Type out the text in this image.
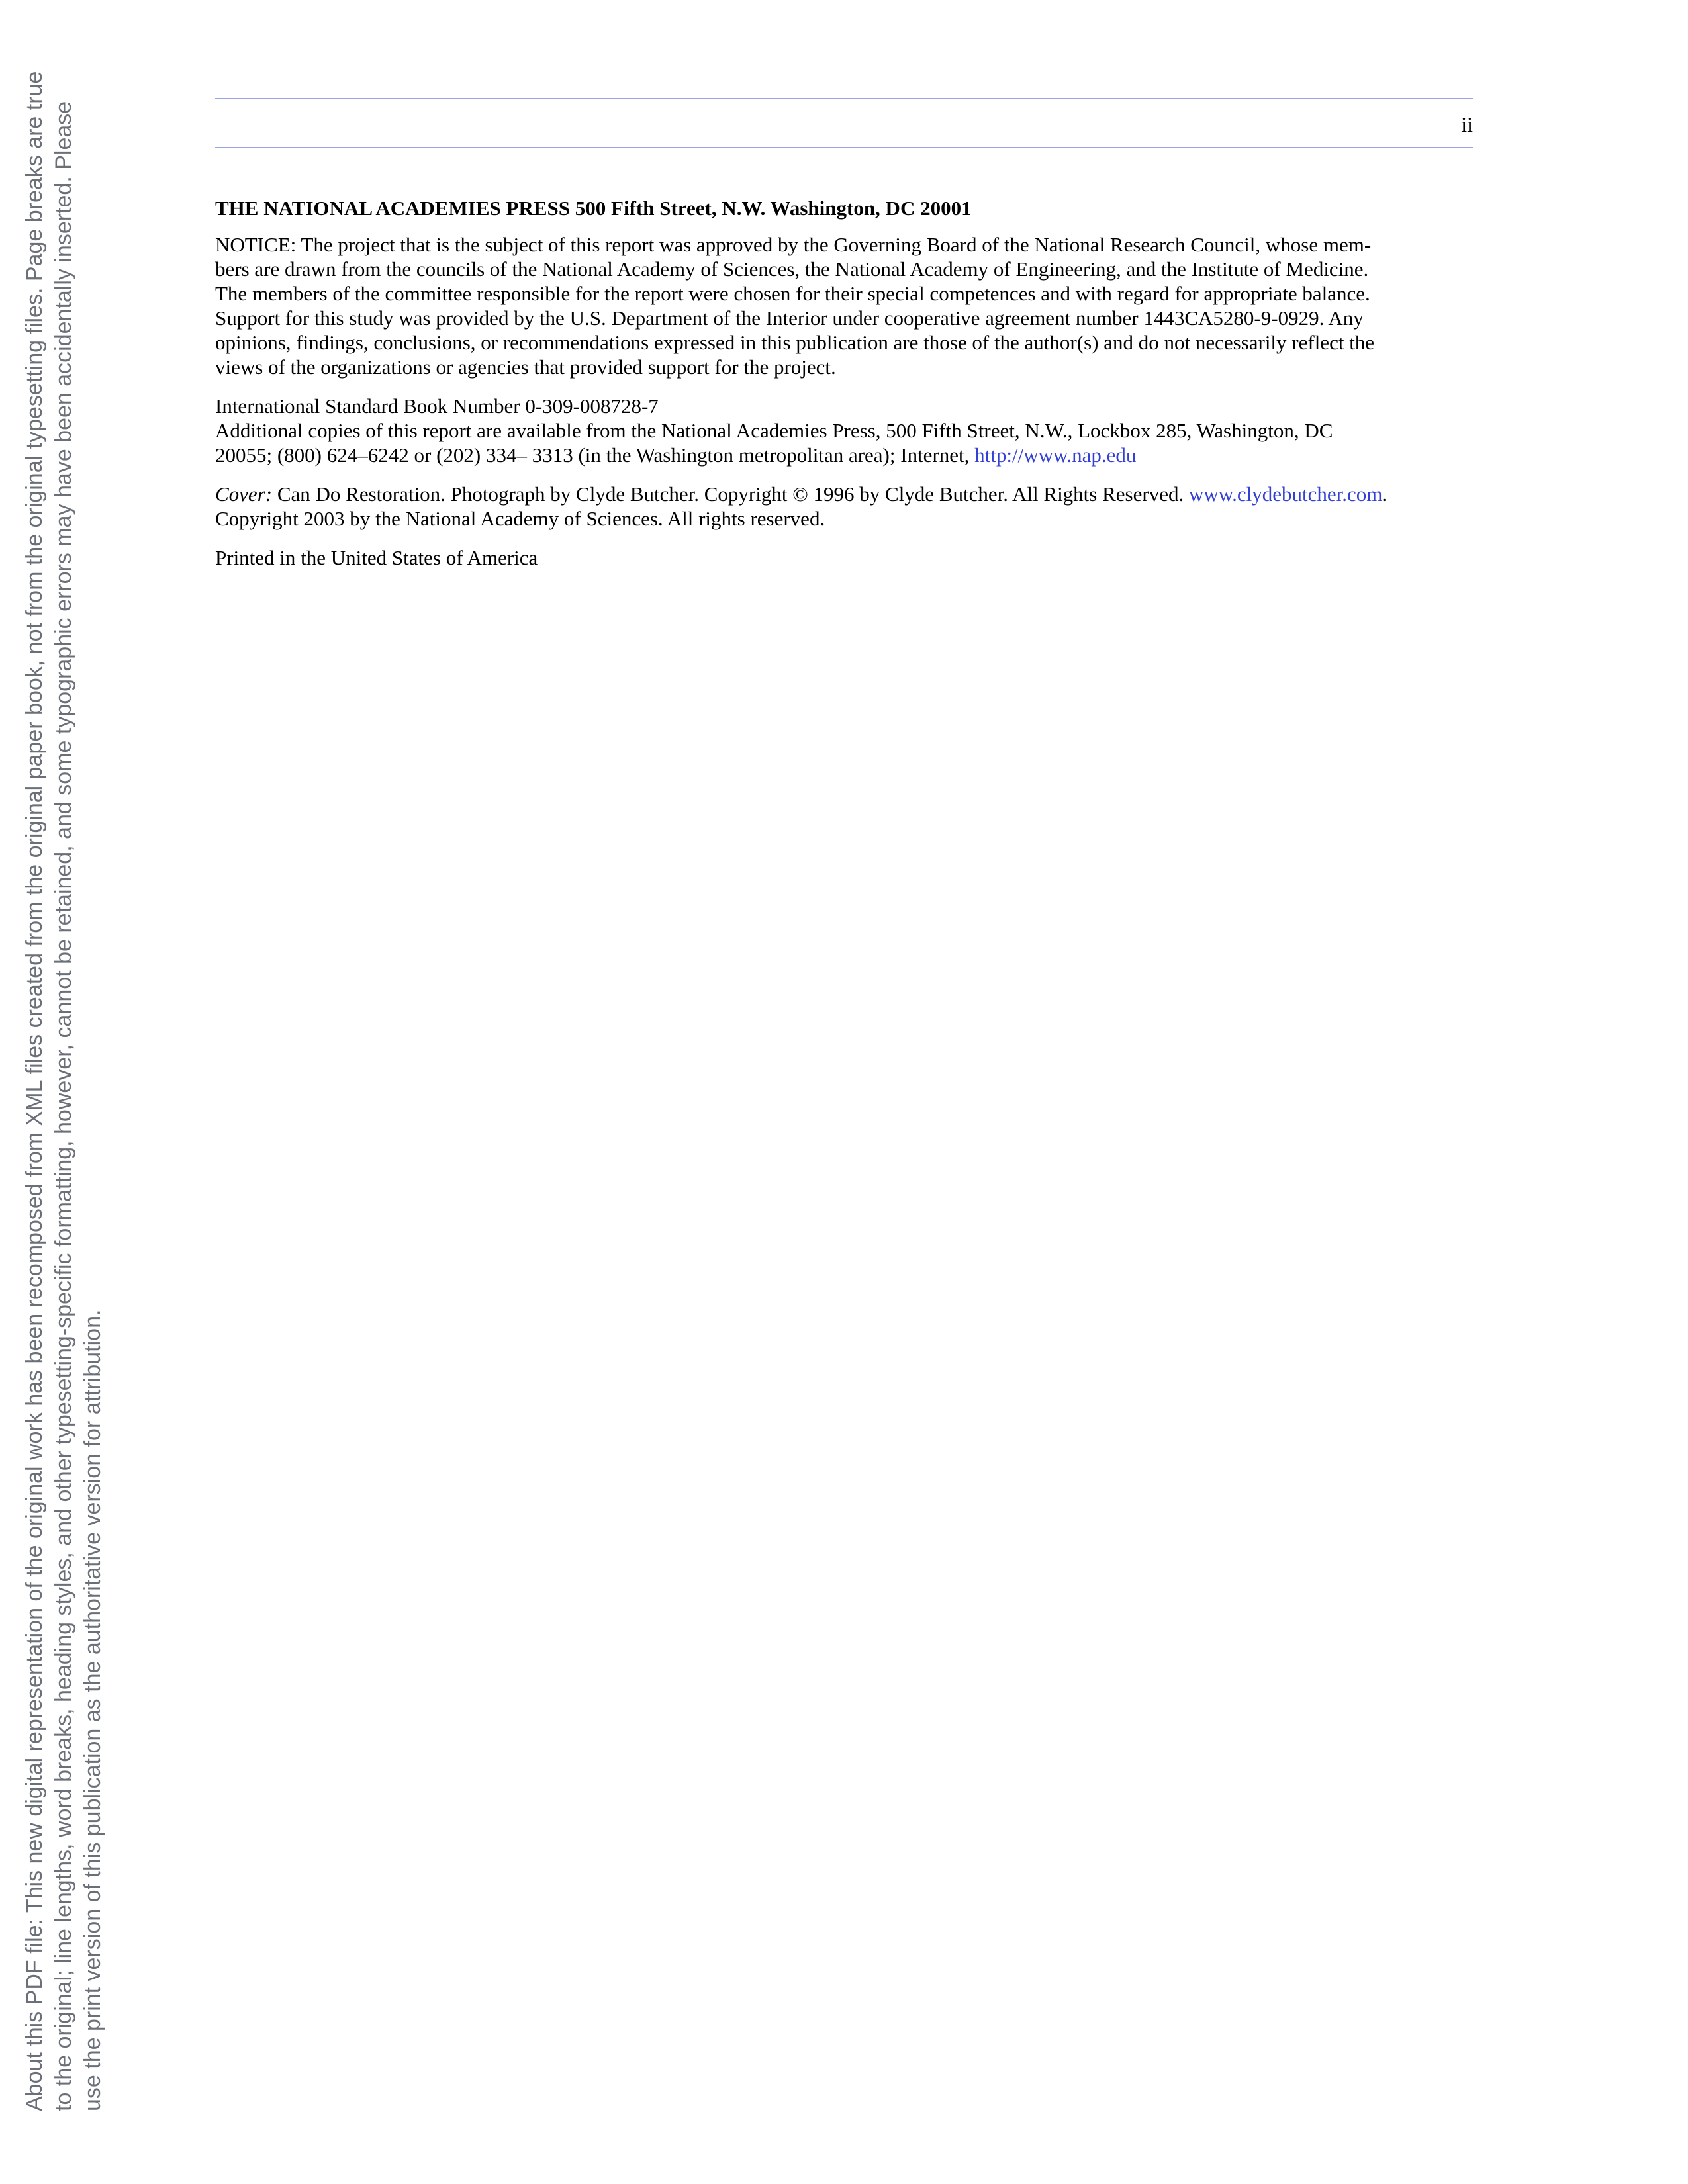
About this PDF file: This new digital representation of the original work has been recomposed from XML files created from the original paper book, not from the original typesetting files. Page breaks are true to the original; line lengths, word breaks, heading styles, and other typesetting-specific formatting, however, cannot be retained, and some typographic errors may have been accidentally inserted. Please use the print version of this publication as the authoritative version for attribution.
ii

THE NATIONAL ACADEMIES PRESS 500 Fifth Street, N.W. Washington, DC 20001

NOTICE: The project that is the subject of this report was approved by the Governing Board of the National Research Council, whose mem-
bers are drawn from the councils of the National Academy of Sciences, the National Academy of Engineering, and the Institute of Medicine.
The members of the committee responsible for the report were chosen for their special competences and with regard for appropriate balance.
Support for this study was provided by the U.S. Department of the Interior under cooperative agreement number 1443CA5280-9-0929. Any
opinions, findings, conclusions, or recommendations expressed in this publication are those of the author(s) and do not necessarily reflect the
views of the organizations or agencies that provided support for the project.

International Standard Book Number 0-309-008728-7
Additional copies of this report are available from the National Academies Press, 500 Fifth Street, N.W., Lockbox 285, Washington, DC
20055; (800) 624–6242 or (202) 334– 3313 (in the Washington metropolitan area); Internet, http://www.nap.edu

Cover: Can Do Restoration. Photograph by Clyde Butcher. Copyright © 1996 by Clyde Butcher. All Rights Reserved. www.clydebutcher.com.
Copyright 2003 by the National Academy of Sciences. All rights reserved.

Printed in the United States of America
